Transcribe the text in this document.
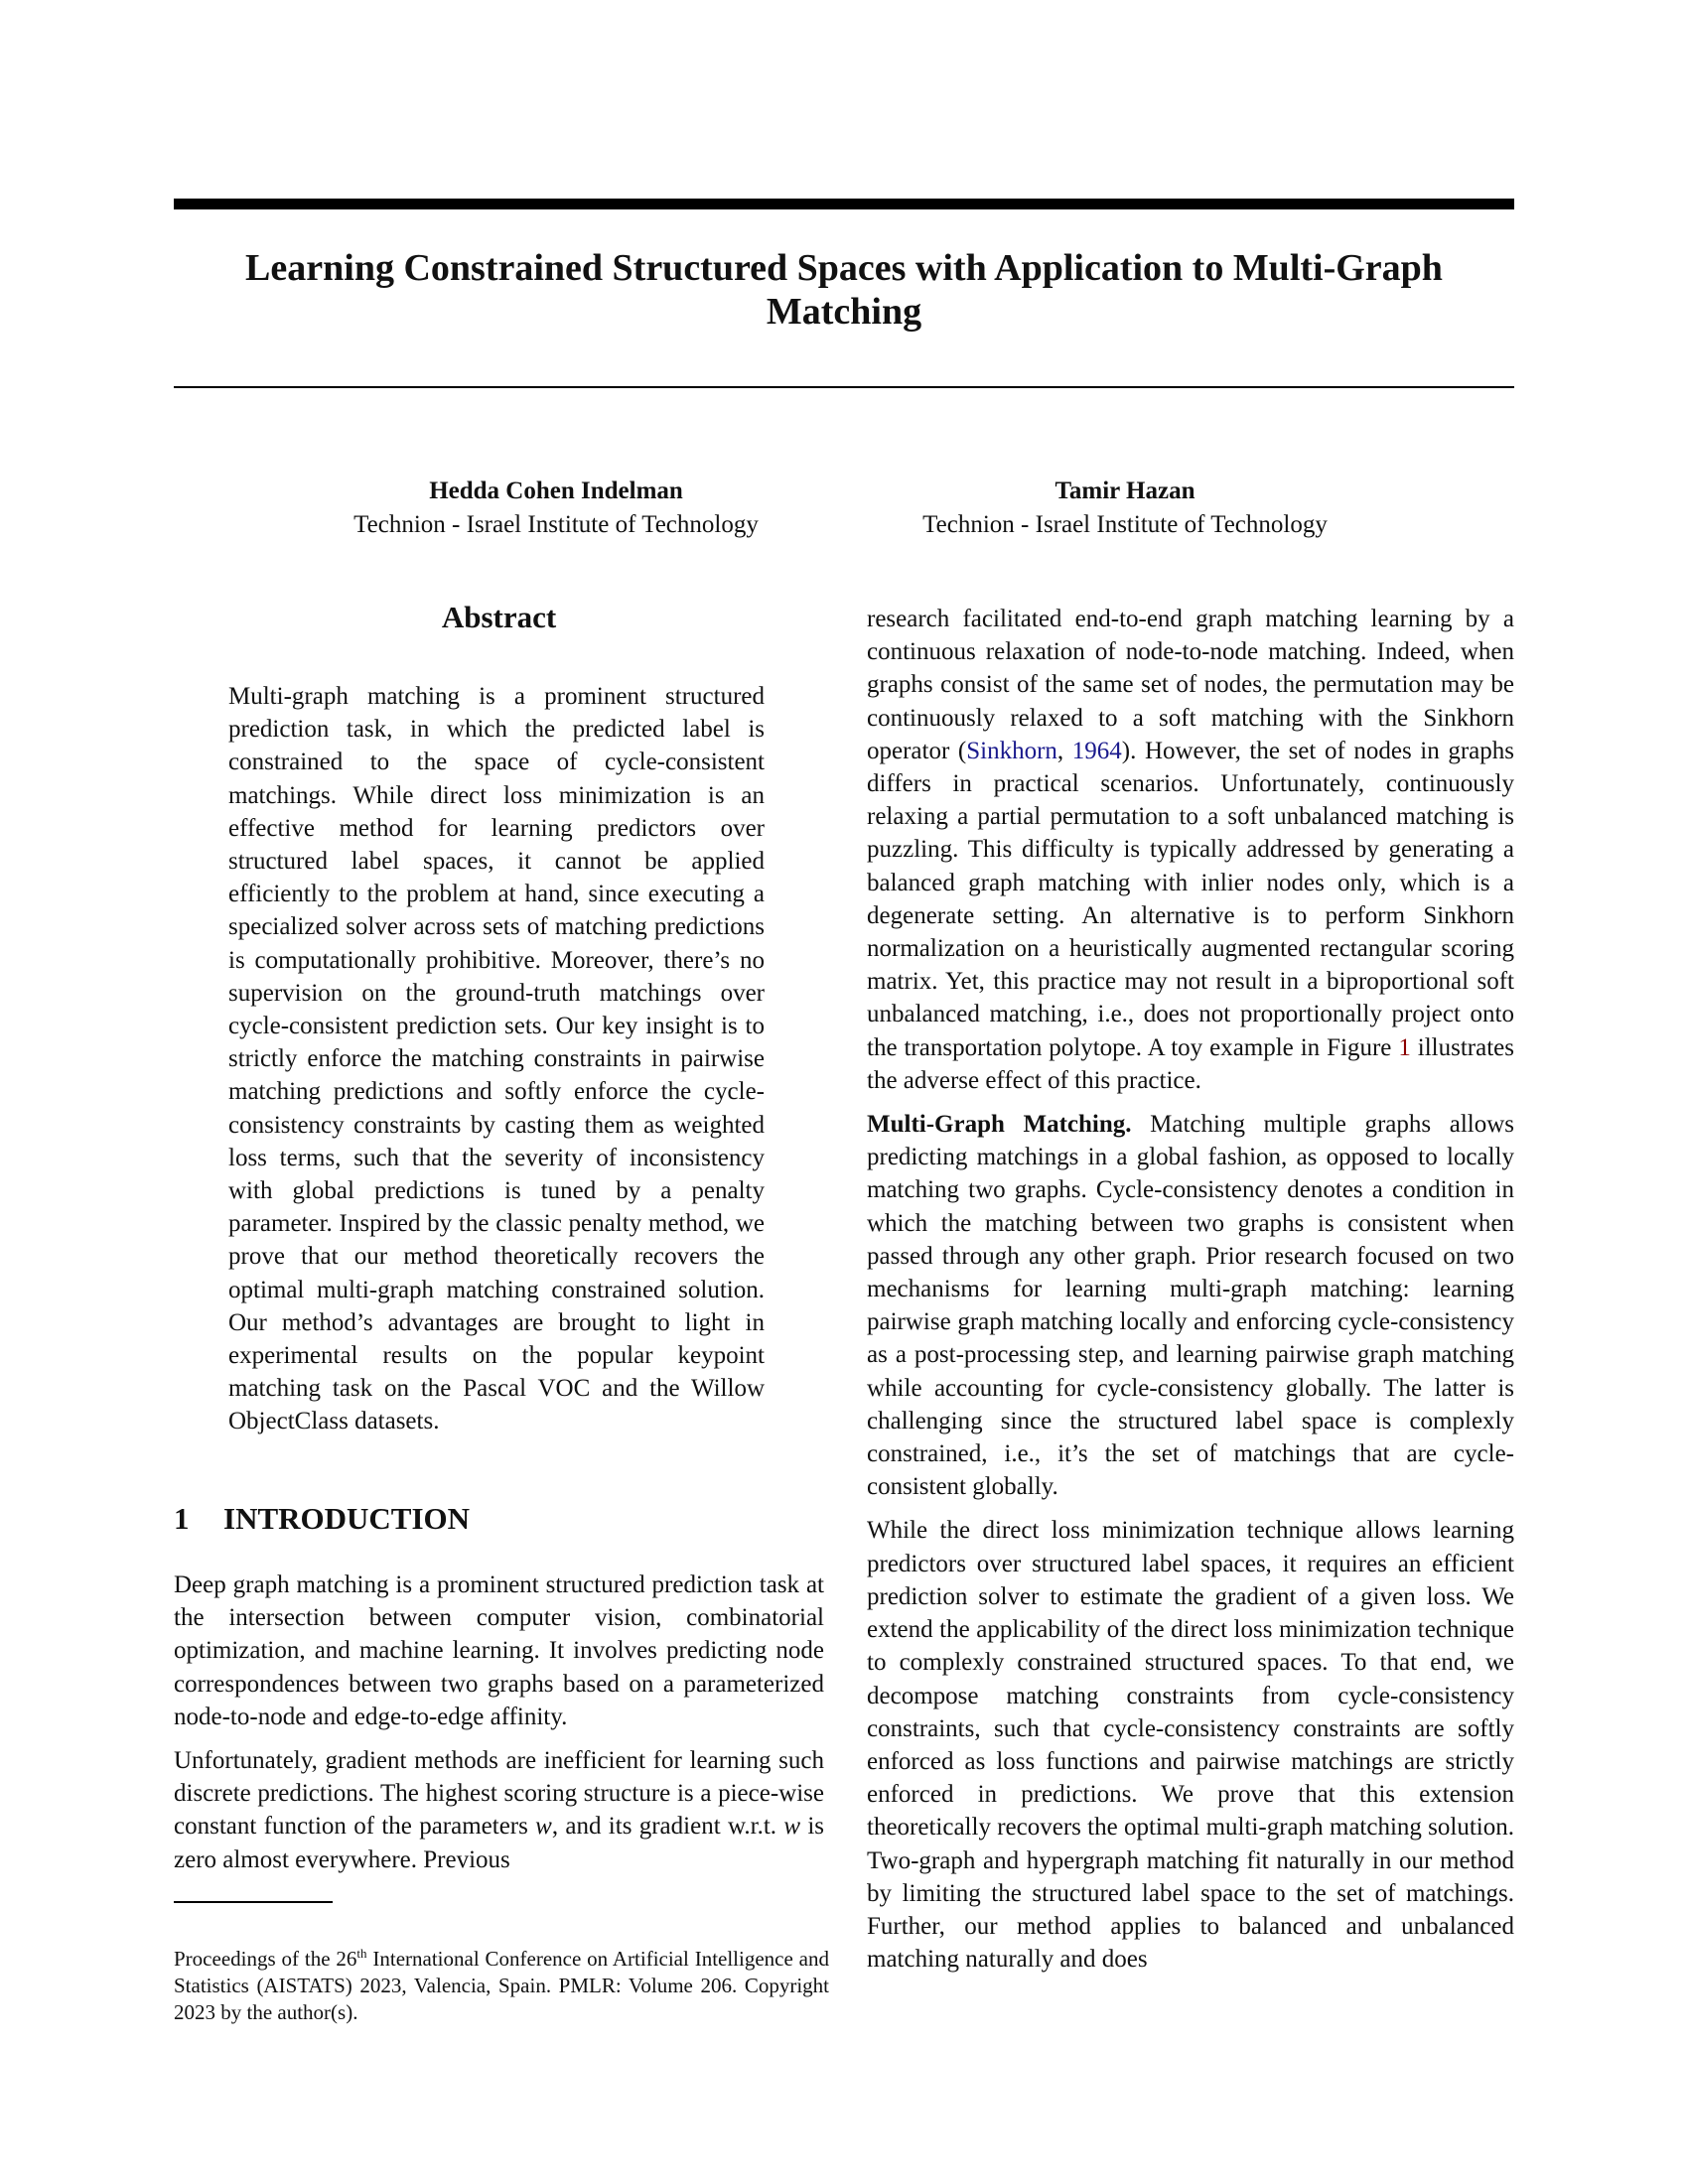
Learning Constrained Structured Spaces with Application to Multi-Graph Matching
Hedda Cohen Indelman
Technion - Israel Institute of Technology
Tamir Hazan
Technion - Israel Institute of Technology
Abstract

Multi-graph matching is a prominent structured prediction task, in which the predicted label is constrained to the space of cycle-consistent matchings. While direct loss minimization is an effective method for learning predictors over structured label spaces, it cannot be applied efficiently to the problem at hand, since executing a specialized solver across sets of matching predictions is computationally prohibitive. Moreover, there’s no supervision on the ground-truth matchings over cycle-consistent prediction sets. Our key insight is to strictly enforce the matching constraints in pairwise matching predictions and softly enforce the cycle-consistency constraints by casting them as weighted loss terms, such that the severity of inconsistency with global predictions is tuned by a penalty parameter. Inspired by the classic penalty method, we prove that our method theoretically recovers the optimal multi-graph matching constrained solution. Our method’s advantages are brought to light in experimental results on the popular keypoint matching task on the Pascal VOC and the Willow ObjectClass datasets.

1 INTRODUCTION

Deep graph matching is a prominent structured prediction task at the intersection between computer vision, combinatorial optimization, and machine learning. It involves predicting node correspondences between two graphs based on a parameterized node-to-node and edge-to-edge affinity.

Unfortunately, gradient methods are inefficient for learning such discrete predictions. The highest scoring structure is a piece-wise constant function of the parameters w, and its gradient w.r.t. w is zero almost everywhere. Previous

Proceedings of the 26th International Conference on Artificial Intelligence and Statistics (AISTATS) 2023, Valencia, Spain. PMLR: Volume 206. Copyright 2023 by the author(s).

research facilitated end-to-end graph matching learning by a continuous relaxation of node-to-node matching. Indeed, when graphs consist of the same set of nodes, the permutation may be continuously relaxed to a soft matching with the Sinkhorn operator (Sinkhorn, 1964). However, the set of nodes in graphs differs in practical scenarios. Unfortunately, continuously relaxing a partial permutation to a soft unbalanced matching is puzzling. This difficulty is typically addressed by generating a balanced graph matching with inlier nodes only, which is a degenerate setting. An alternative is to perform Sinkhorn normalization on a heuristically augmented rectangular scoring matrix. Yet, this practice may not result in a biproportional soft unbalanced matching, i.e., does not proportionally project onto the transportation polytope. A toy example in Figure 1 illustrates the adverse effect of this practice.

Multi-Graph Matching. Matching multiple graphs allows predicting matchings in a global fashion, as opposed to locally matching two graphs. Cycle-consistency denotes a condition in which the matching between two graphs is consistent when passed through any other graph. Prior research focused on two mechanisms for learning multi-graph matching: learning pairwise graph matching locally and enforcing cycle-consistency as a post-processing step, and learning pairwise graph matching while accounting for cycle-consistency globally. The latter is challenging since the structured label space is complexly constrained, i.e., it’s the set of matchings that are cycle-consistent globally.

While the direct loss minimization technique allows learning predictors over structured label spaces, it requires an efficient prediction solver to estimate the gradient of a given loss. We extend the applicability of the direct loss minimization technique to complexly constrained structured spaces. To that end, we decompose matching constraints from cycle-consistency constraints, such that cycle-consistency constraints are softly enforced as loss functions and pairwise matchings are strictly enforced in predictions. We prove that this extension theoretically recovers the optimal multi-graph matching solution. Two-graph and hypergraph matching fit naturally in our method by limiting the structured label space to the set of matchings. Further, our method applies to balanced and unbalanced matching naturally and does
